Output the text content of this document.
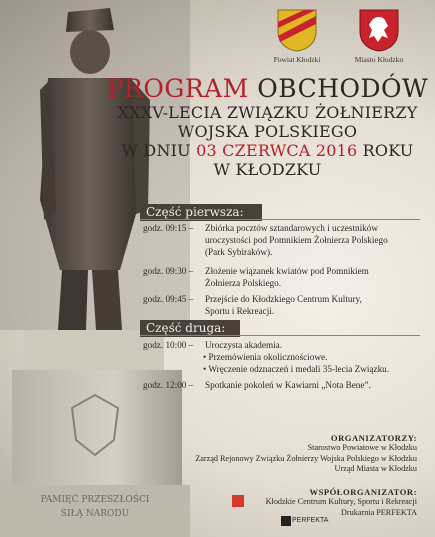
PAMIĘĆ PRZESZŁOŚCI
SIŁĄ NARODU
Powiat Kłodzki	Miasto Kłodzko
PROGRAM OBCHODÓW
XXXV-LECIA ZWIĄZKU ŻOŁNIERZY
WOJSKA POLSKIEGO
W DNIU 03 CZERWCA 2016 ROKU
W KŁODZKU
Część pierwsza:
godz. 09:15 –	Zbiórka pocztów sztandarowych i uczestników
uroczystości pod Pomnikiem Żołnierza Polskiego
(Park Sybiraków).
godz. 09:30 –	Złożenie wiązanek kwiatów pod Pomnikiem
Żołnierza Polskiego.
godz. 09:45 –	Przejście do Kłodzkiego Centrum Kultury,
Sportu i Rekreacji.
Część druga:
godz. 10:00 –	Uroczysta akademia.
• Przemówienia okolicznościowe.
• Wręczenie odznaczeń i medali 35-lecia Związku.
godz. 12:00 –	Spotkanie pokoleń w Kawiarni „Nota Bene”.
ORGANIZATORZY:
Starostwo Powiatowe w Kłodzku
Zarząd Rejonowy Związku Żołnierzy Wojska Polskiego w Kłodzku
Urząd Miasta w Kłodzku
WSPÓŁORGANIZATOR:
Kłodzkie Centrum Kultury, Sportu i Rekreacji
Drukarnia PERFEKTA
PERFEKTA
